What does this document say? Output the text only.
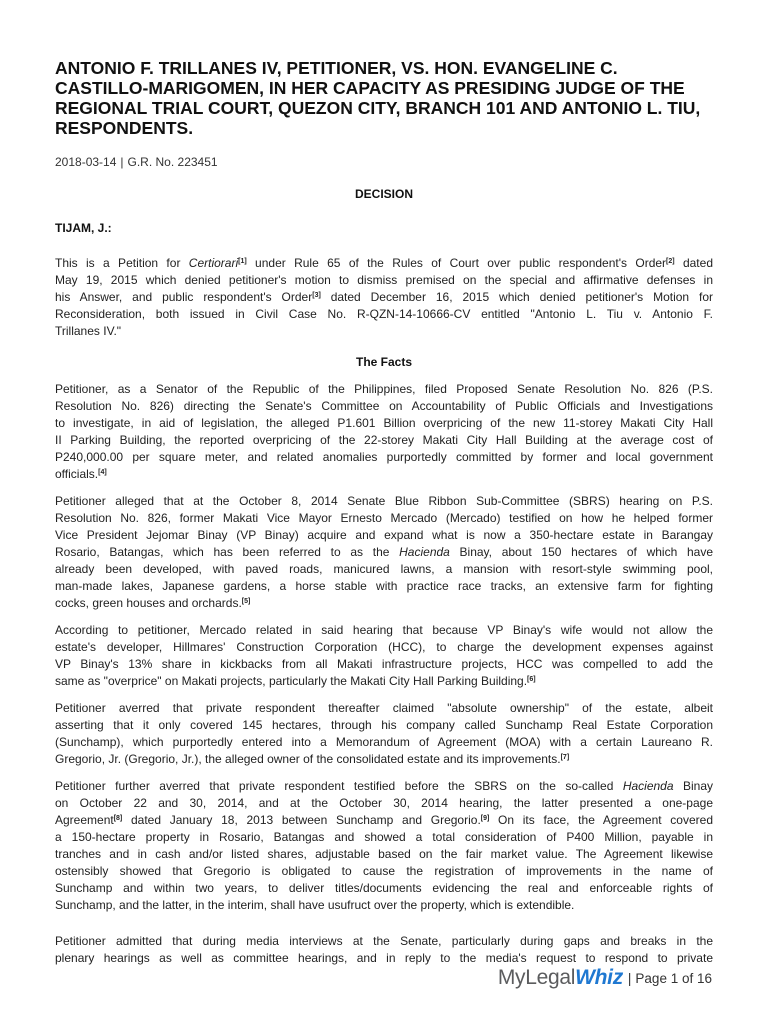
ANTONIO F. TRILLANES IV, PETITIONER, VS. HON. EVANGELINE C. CASTILLO-MARIGOMEN, IN HER CAPACITY AS PRESIDING JUDGE OF THE REGIONAL TRIAL COURT, QUEZON CITY, BRANCH 101 AND ANTONIO L. TIU, RESPONDENTS.
2018-03-14 | G.R. No. 223451
DECISION
TIJAM, J.:
This is a Petition for Certiorari[1] under Rule 65 of the Rules of Court over public respondent's Order[2] dated
May 19, 2015 which denied petitioner's motion to dismiss premised on the special and affirmative defenses in
his Answer, and public respondent's Order[3] dated December 16, 2015 which denied petitioner's Motion for
Reconsideration, both issued in Civil Case No. R-QZN-14-10666-CV entitled "Antonio L. Tiu v. Antonio F.
Trillanes IV."
The Facts
Petitioner, as a Senator of the Republic of the Philippines, filed Proposed Senate Resolution No. 826 (P.S.
Resolution No. 826) directing the Senate's Committee on Accountability of Public Officials and Investigations
to investigate, in aid of legislation, the alleged P1.601 Billion overpricing of the new 11-storey Makati City Hall
II Parking Building, the reported overpricing of the 22-storey Makati City Hall Building at the average cost of
P240,000.00 per square meter, and related anomalies purportedly committed by former and local government
officials.[4]
Petitioner alleged that at the October 8, 2014 Senate Blue Ribbon Sub-Committee (SBRS) hearing on P.S.
Resolution No. 826, former Makati Vice Mayor Ernesto Mercado (Mercado) testified on how he helped former
Vice President Jejomar Binay (VP Binay) acquire and expand what is now a 350-hectare estate in Barangay
Rosario, Batangas, which has been referred to as the Hacienda Binay, about 150 hectares of which have
already been developed, with paved roads, manicured lawns, a mansion with resort-style swimming pool,
man-made lakes, Japanese gardens, a horse stable with practice race tracks, an extensive farm for fighting
cocks, green houses and orchards.[5]
According to petitioner, Mercado related in said hearing that because VP Binay's wife would not allow the
estate's developer, Hillmares' Construction Corporation (HCC), to charge the development expenses against
VP Binay's 13% share in kickbacks from all Makati infrastructure projects, HCC was compelled to add the
same as "overprice" on Makati projects, particularly the Makati City Hall Parking Building.[6]
Petitioner averred that private respondent thereafter claimed "absolute ownership" of the estate, albeit
asserting that it only covered 145 hectares, through his company called Sunchamp Real Estate Corporation
(Sunchamp), which purportedly entered into a Memorandum of Agreement (MOA) with a certain Laureano R.
Gregorio, Jr. (Gregorio, Jr.), the alleged owner of the consolidated estate and its improvements.[7]
Petitioner further averred that private respondent testified before the SBRS on the so-called Hacienda Binay
on October 22 and 30, 2014, and at the October 30, 2014 hearing, the latter presented a one-page
Agreement[8] dated January 18, 2013 between Sunchamp and Gregorio.[9] On its face, the Agreement covered
a 150-hectare property in Rosario, Batangas and showed a total consideration of P400 Million, payable in
tranches and in cash and/or listed shares, adjustable based on the fair market value. The Agreement likewise
ostensibly showed that Gregorio is obligated to cause the registration of improvements in the name of
Sunchamp and within two years, to deliver titles/documents evidencing the real and enforceable rights of
Sunchamp, and the latter, in the interim, shall have usufruct over the property, which is extendible.
Petitioner admitted that during media interviews at the Senate, particularly during gaps and breaks in the
plenary hearings as well as committee hearings, and in reply to the media's request to respond to private
MyLegalWhiz | Page 1 of 16
